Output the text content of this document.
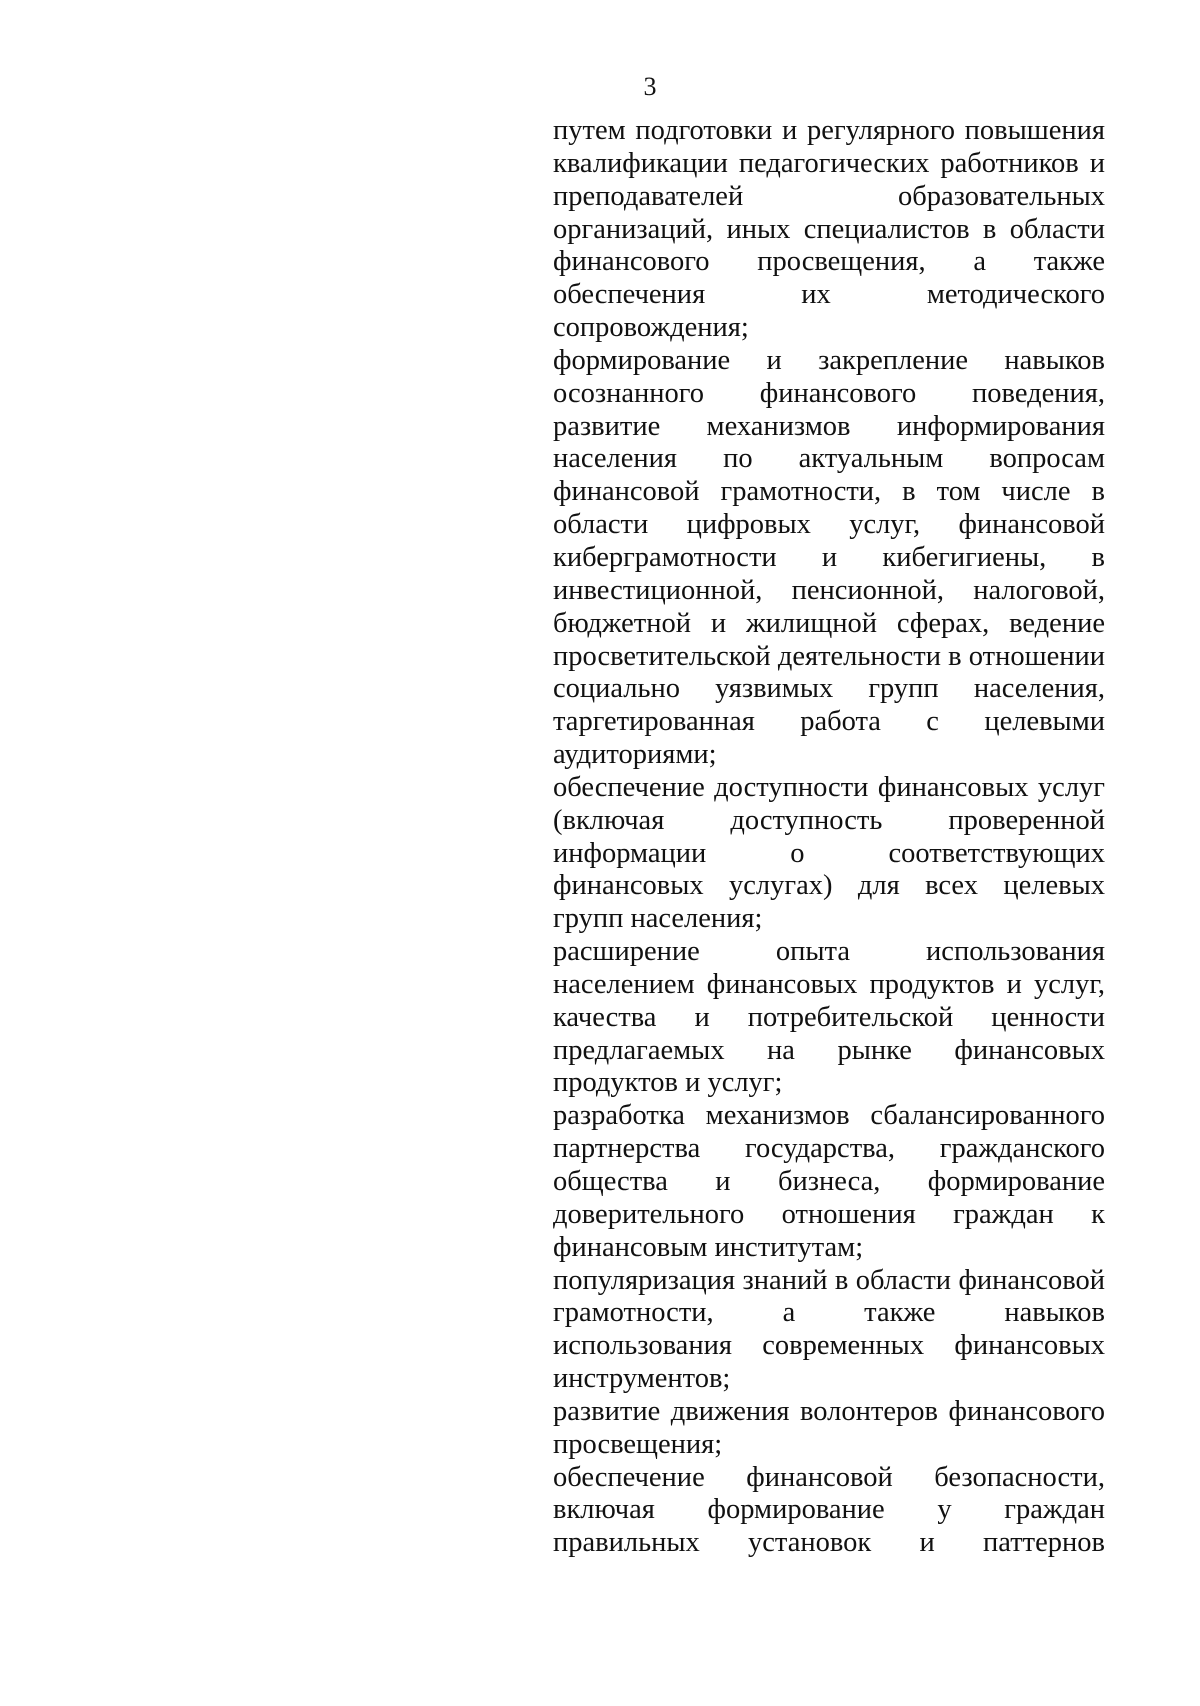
3

путем подготовки и регулярного повышения квалификации педагогических работников и преподавателей образовательных организаций, иных специалистов в области финансового просвещения, а также обеспечения их методического сопровождения;

формирование и закрепление навыков осознанного финансового поведения, развитие механизмов информирования населения по актуальным вопросам финансовой грамотности, в том числе в области цифровых услуг, финансовой киберграмотности и кибегигиены, в инвестиционной, пенсионной, налоговой, бюджетной и жилищной сферах, ведение просветительской деятельности в отношении социально уязвимых групп населения, таргетированная работа с целевыми аудиториями;

обеспечение доступности финансовых услуг (включая доступность проверенной информации о соответствующих финансовых услугах) для всех целевых групп населения;

расширение опыта использования населением финансовых продуктов и услуг, качества и потребительской ценности предлагаемых на рынке финансовых продуктов и услуг;

разработка механизмов сбалансированного партнерства государства, гражданского общества и бизнеса, формирование доверительного отношения граждан к финансовым институтам;

популяризация знаний в области финансовой грамотности, а также навыков использования современных финансовых инструментов;

развитие движения волонтеров финансового просвещения;

обеспечение финансовой безопасности, включая формирование у граждан правильных установок и паттернов
